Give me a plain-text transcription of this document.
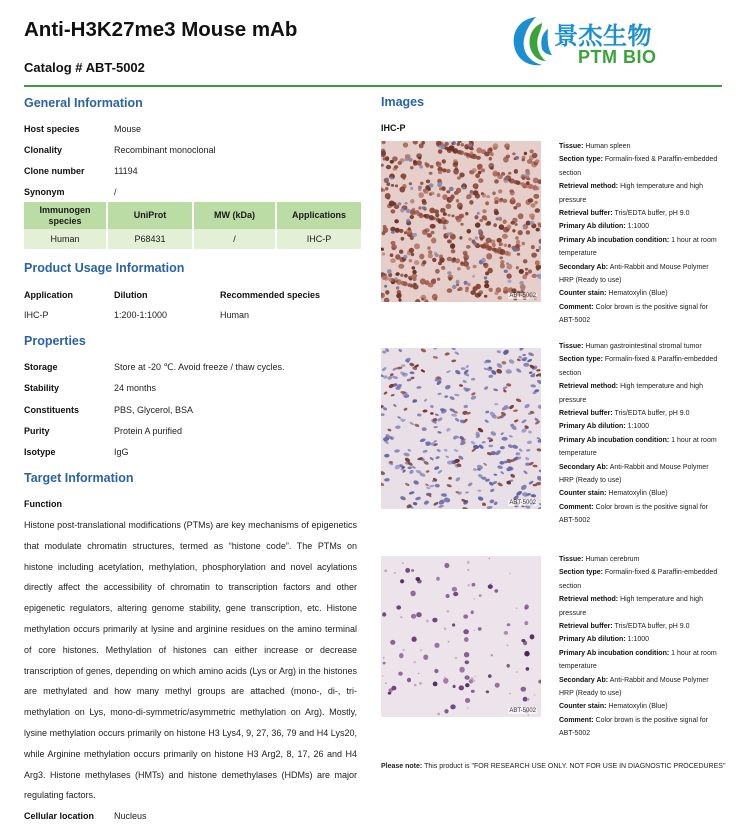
Anti-H3K27me3 Mouse mAb
Catalog # ABT-5002
景杰生物
PTM BIO
General Information
Host species	Mouse
Clonality	Recombinant monoclonal
Clone number	11194
Synonym	/
Immunogen species	UniProt	MW (kDa)	Applications
Human	P68431	/	IHC-P
Product Usage Information
Application	Dilution	Recommended species
IHC-P	1:200-1:1000	Human
Properties
Storage	Store at -20 ℃. Avoid freeze / thaw cycles.
Stability	24 months
Constituents	PBS, Glycerol, BSA
Purity	Protein A purified
Isotype	IgG
Target Information
Function
Histone post-translational modifications (PTMs) are key mechanisms of epigenetics that modulate chromatin structures, termed as “histone code”. The PTMs on histone including acetylation, methylation, phosphorylation and novel acylations directly affect the accessibility of chromatin to transcription factors and other epigenetic regulators, altering genome stability, gene transcription, etc. Histone methylation occurs primarily at lysine and arginine residues on the amino terminal of core histones. Methylation of histones can either increase or decrease transcription of genes, depending on which amino acids (Lys or Arg) in the histones are methylated and how many methyl groups are attached (mono-, di-, tri-methylation on Lys, mono-di-symmetric/asymmetric methylation on Arg). Mostly, lysine methylation occurs primarily on histone H3 Lys4, 9, 27, 36, 79 and H4 Lys20, while Arginine methylation occurs primarily on histone H3 Arg2, 8, 17, 26 and H4 Arg3. Histone methylases (HMTs) and histone demethylases (HDMs) are major regulating factors.
Cellular location Nucleus
Images
IHC-P
ABT-5002
ABT-5002
ABT-5002
Tissue: Human spleen
Section type: Formalin-fixed & Paraffin-embedded section
Retrieval method: High temperature and high pressure
Retrieval buffer: Tris/EDTA buffer, pH 9.0
Primary Ab dilution: 1:1000
Primary Ab incubation condition: 1 hour at room temperature
Secondary Ab: Anti-Rabbit and Mouse Polymer HRP (Ready to use)
Counter stain: Hematoxylin (Blue)
Comment: Color brown is the positive signal for ABT-5002
Tissue: Human gastrointestinal stromal tumor
Section type: Formalin-fixed & Paraffin-embedded section
Retrieval method: High temperature and high pressure
Retrieval buffer: Tris/EDTA buffer, pH 9.0
Primary Ab dilution: 1:1000
Primary Ab incubation condition: 1 hour at room temperature
Secondary Ab: Anti-Rabbit and Mouse Polymer HRP (Ready to use)
Counter stain: Hematoxylin (Blue)
Comment: Color brown is the positive signal for ABT-5002
Tissue: Human cerebrum
Section type: Formalin-fixed & Paraffin-embedded section
Retrieval method: High temperature and high pressure
Retrieval buffer: Tris/EDTA buffer, pH 9.0
Primary Ab dilution: 1:1000
Primary Ab incubation condition: 1 hour at room temperature
Secondary Ab: Anti-Rabbit and Mouse Polymer HRP (Ready to use)
Counter stain: Hematoxylin (Blue)
Comment: Color brown is the positive signal for ABT-5002
Please note: This product is "FOR RESEARCH USE ONLY. NOT FOR USE IN DIAGNOSTIC PROCEDURES"
